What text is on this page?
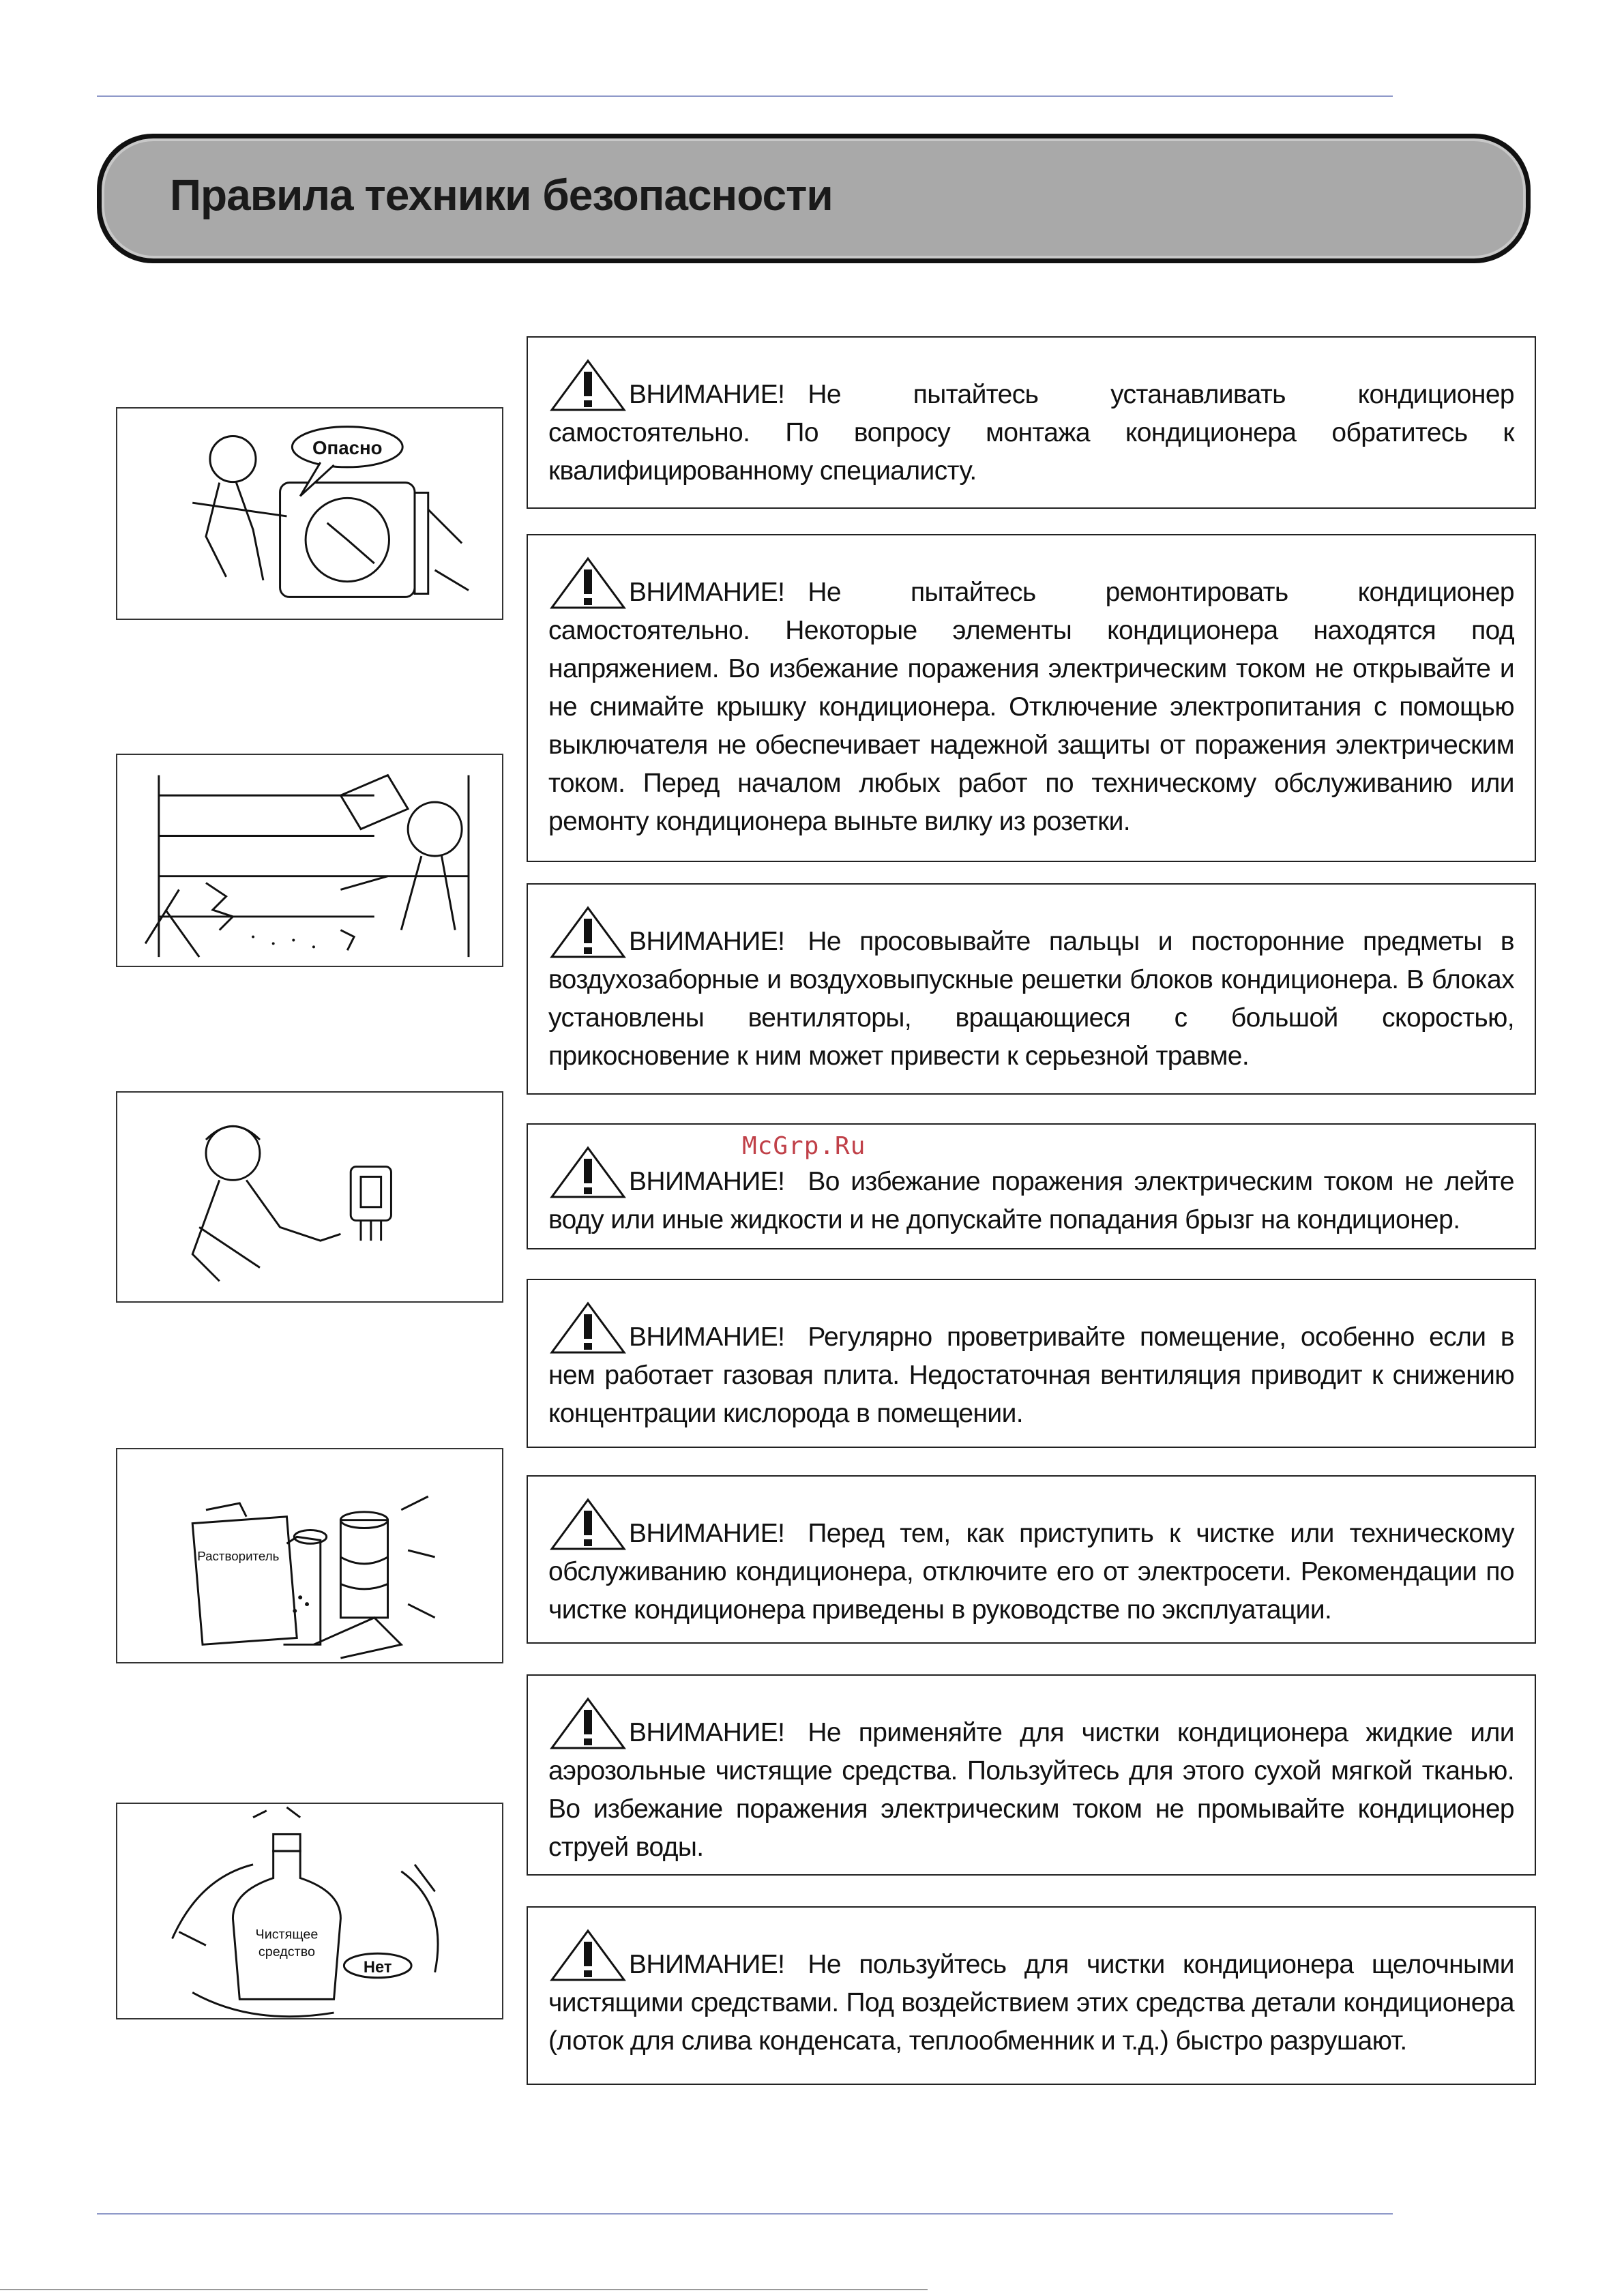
Правила техники безопасности

ВНИМАНИЕ! Не пытайтесь устанавливать кондиционер самостоятельно. По вопросу монтажа кондиционера обратитесь к квалифицированному специалисту.

ВНИМАНИЕ! Не пытайтесь ремонтировать кондиционер самостоятельно. Некоторые элементы кондиционера находятся под напряжением. Во избежание поражения электрическим током не открывайте и не снимайте крышку кондиционера. Отключение электропитания с помощью выключателя не обеспечивает надежной защиты от поражения электрическим током. Перед началом любых работ по техническому обслуживанию или ремонту кондиционера выньте вилку из розетки.

ВНИМАНИЕ! Не просовывайте пальцы и посторонние предметы в воздухозаборные и воздуховыпускные решетки блоков кондиционера. В блоках установлены вентиляторы, вращающиеся с большой скоростью, прикосновение к ним может привести к серьезной травме.

ВНИМАНИЕ! Во избежание поражения электрическим током не лейте воду или иные жидкости и не допускайте попадания брызг на кондиционер.

ВНИМАНИЕ! Регулярно проветривайте помещение, особенно если в нем работает газовая плита. Недостаточная вентиляция приводит к снижению концентрации кислорода в помещении.

ВНИМАНИЕ! Перед тем, как приступить к чистке или техническому обслуживанию кондиционера, отключите его от электросети. Рекомендации по чистке кондиционера приведены в руководстве по эксплуатации.

ВНИМАНИЕ! Не применяйте для чистки кондиционера жидкие или аэрозольные чистящие средства. Пользуйтесь для этого сухой мягкой тканью. Во избежание поражения электрическим током не промывайте кондиционер струей воды.

ВНИМАНИЕ! Не пользуйтесь для чистки кондиционера щелочными чистящими средствами. Под воздействием этих средства детали кондиционера (лоток для слива конденсата, теплообменник и т.д.) быстро разрушают.

Опасно
Растворитель
Нет
Чистящее
средство
McGrp.Ru
